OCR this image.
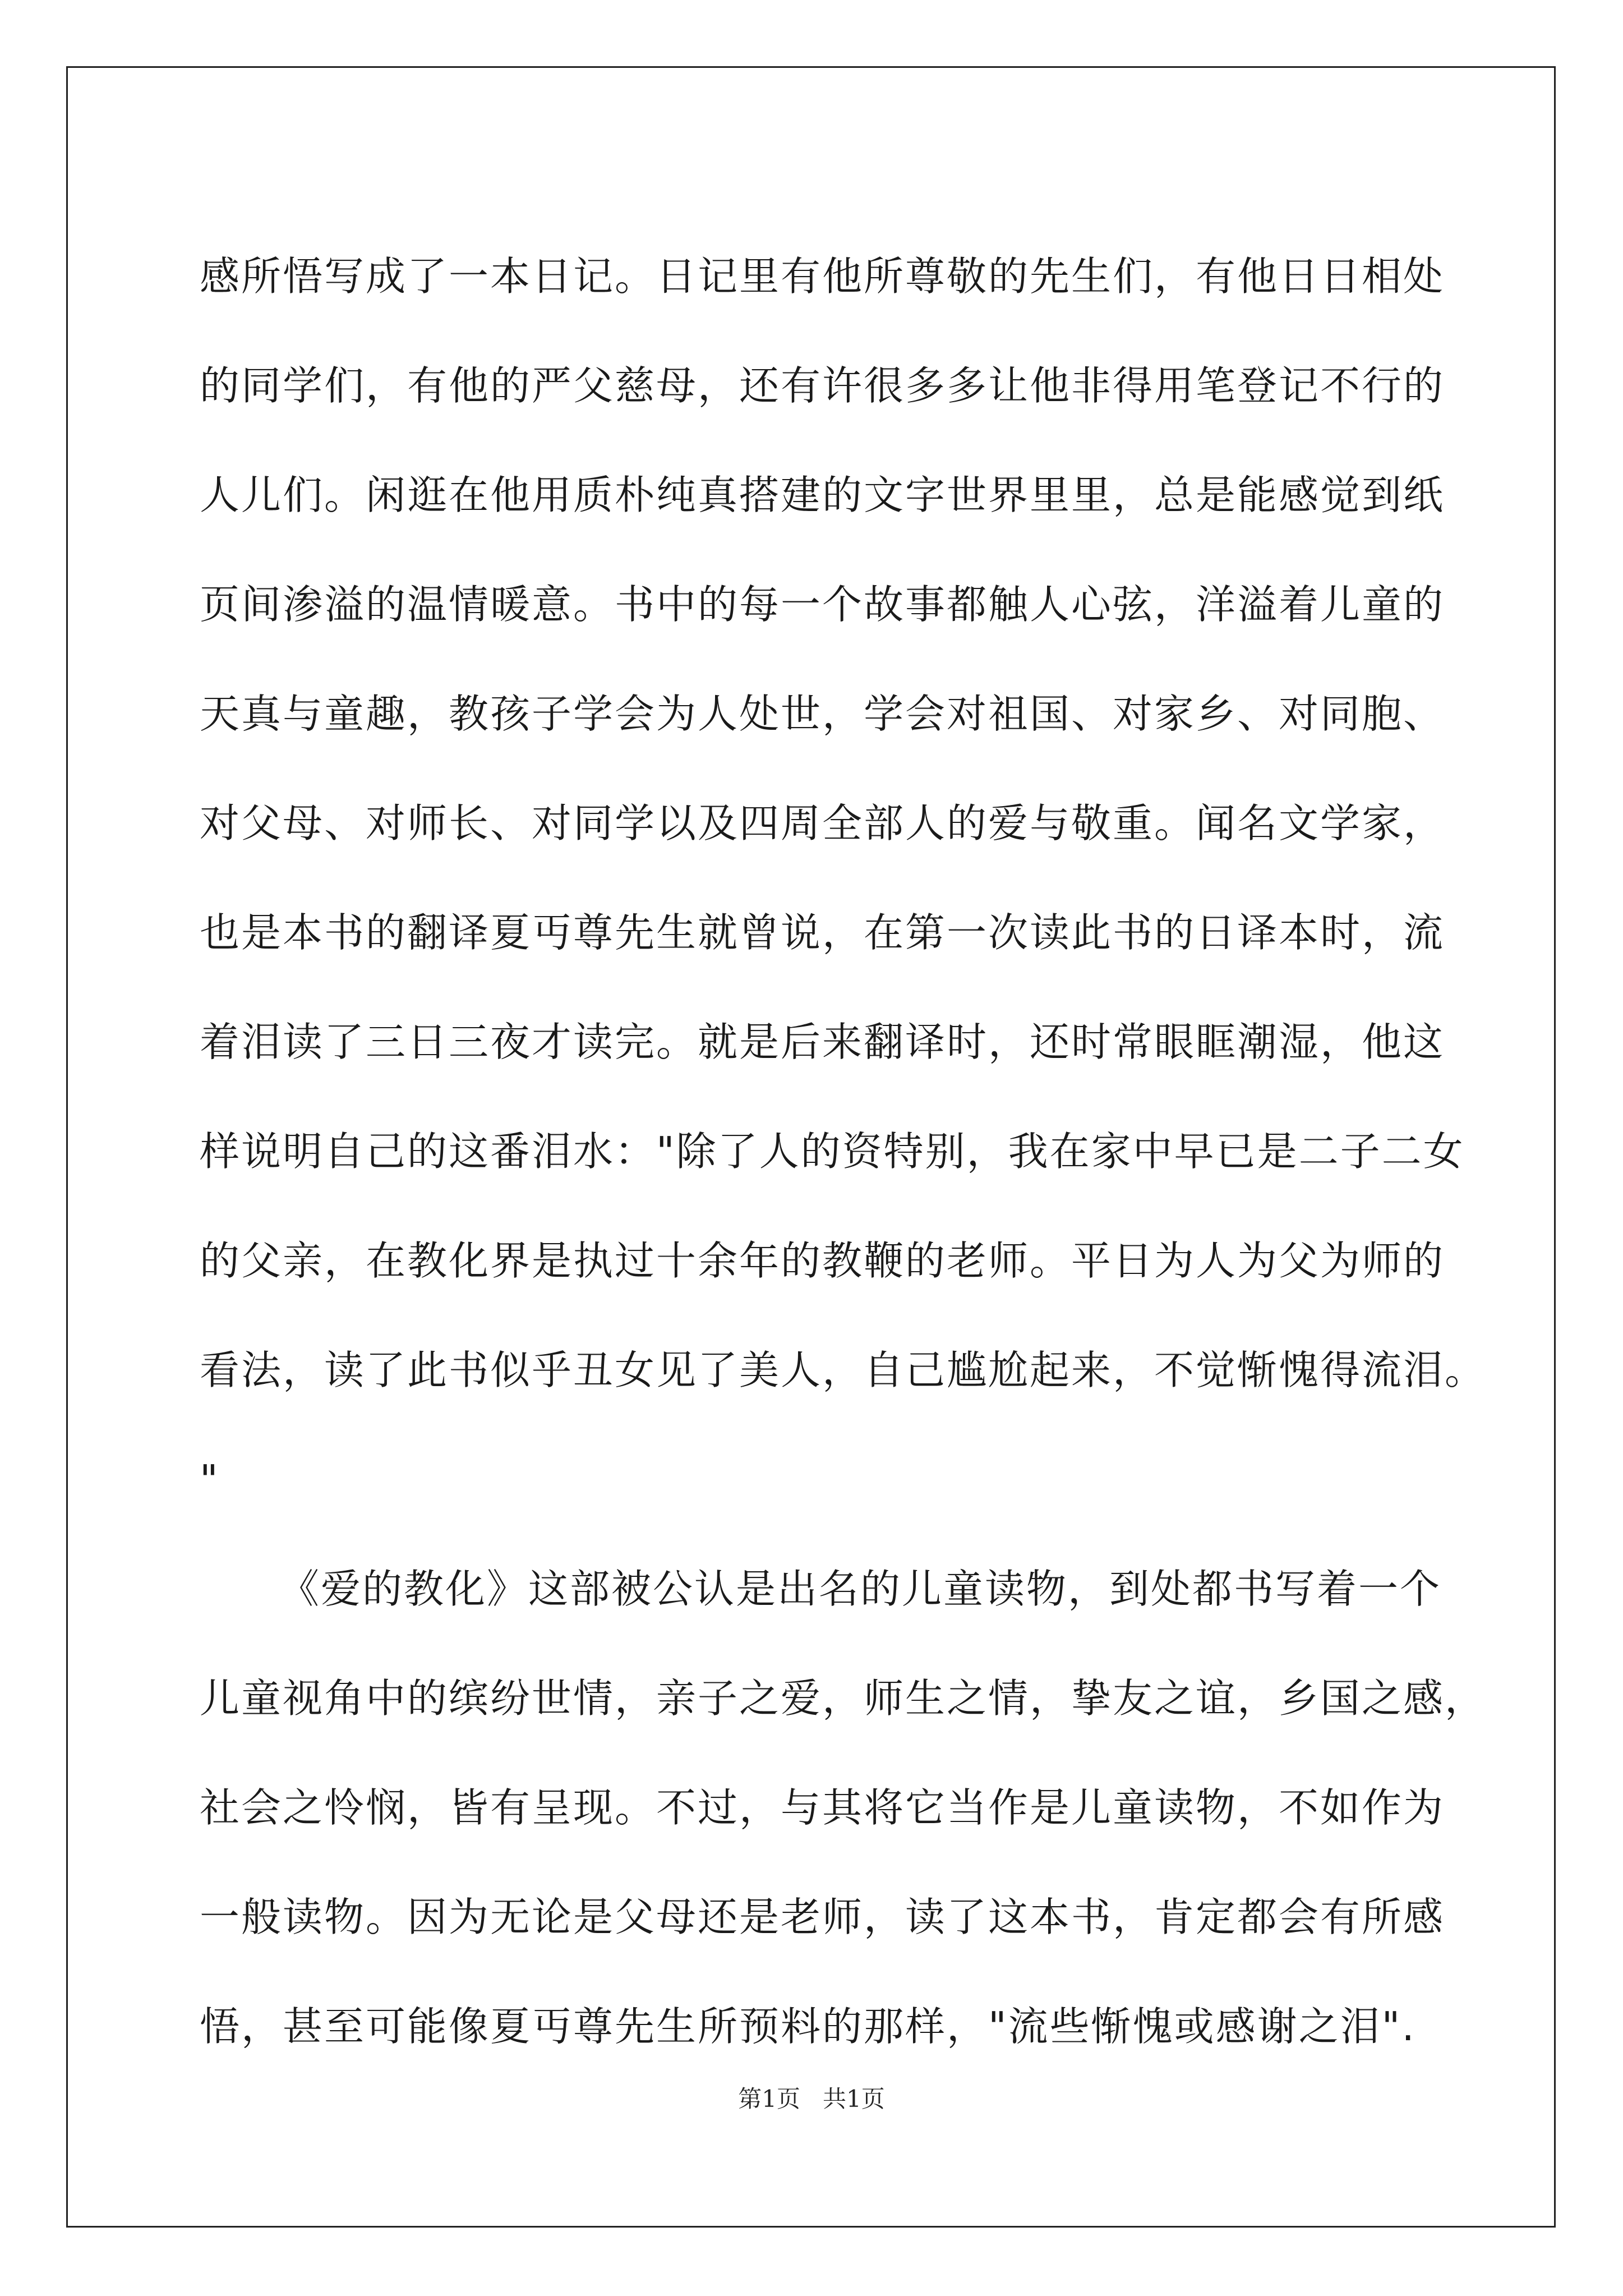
感所悟写成了一本日记。日记里有他所尊敬的先生们，有他日日相处
的同学们，有他的严父慈母，还有许很多多让他非得用笔登记不行的
人儿们。闲逛在他用质朴纯真搭建的文字世界里里，总是能感觉到纸
页间渗溢的温情暖意。书中的每一个故事都触人心弦，洋溢着儿童的
天真与童趣，教孩子学会为人处世，学会对祖国、对家乡、对同胞、
对父母、对师长、对同学以及四周全部人的爱与敬重。闻名文学家，
也是本书的翻译夏丏尊先生就曾说，在第一次读此书的日译本时，流
着泪读了三日三夜才读完。就是后来翻译时，还时常眼眶潮湿，他这
样说明自己的这番泪水："除了人的资特别，我在家中早已是二子二女
的父亲，在教化界是执过十余年的教鞭的老师。平日为人为父为师的
看法，读了此书似乎丑女见了美人，自己尴尬起来，不觉惭愧得流泪。
"
《爱的教化》这部被公认是出名的儿童读物，到处都书写着一个
儿童视角中的缤纷世情，亲子之爱，师生之情，挚友之谊，乡国之感，
社会之怜悯，皆有呈现。不过，与其将它当作是儿童读物，不如作为
一般读物。因为无论是父母还是老师，读了这本书，肯定都会有所感
悟，甚至可能像夏丏尊先生所预料的那样，"流些惭愧或感谢之泪".
第1页 共1页
